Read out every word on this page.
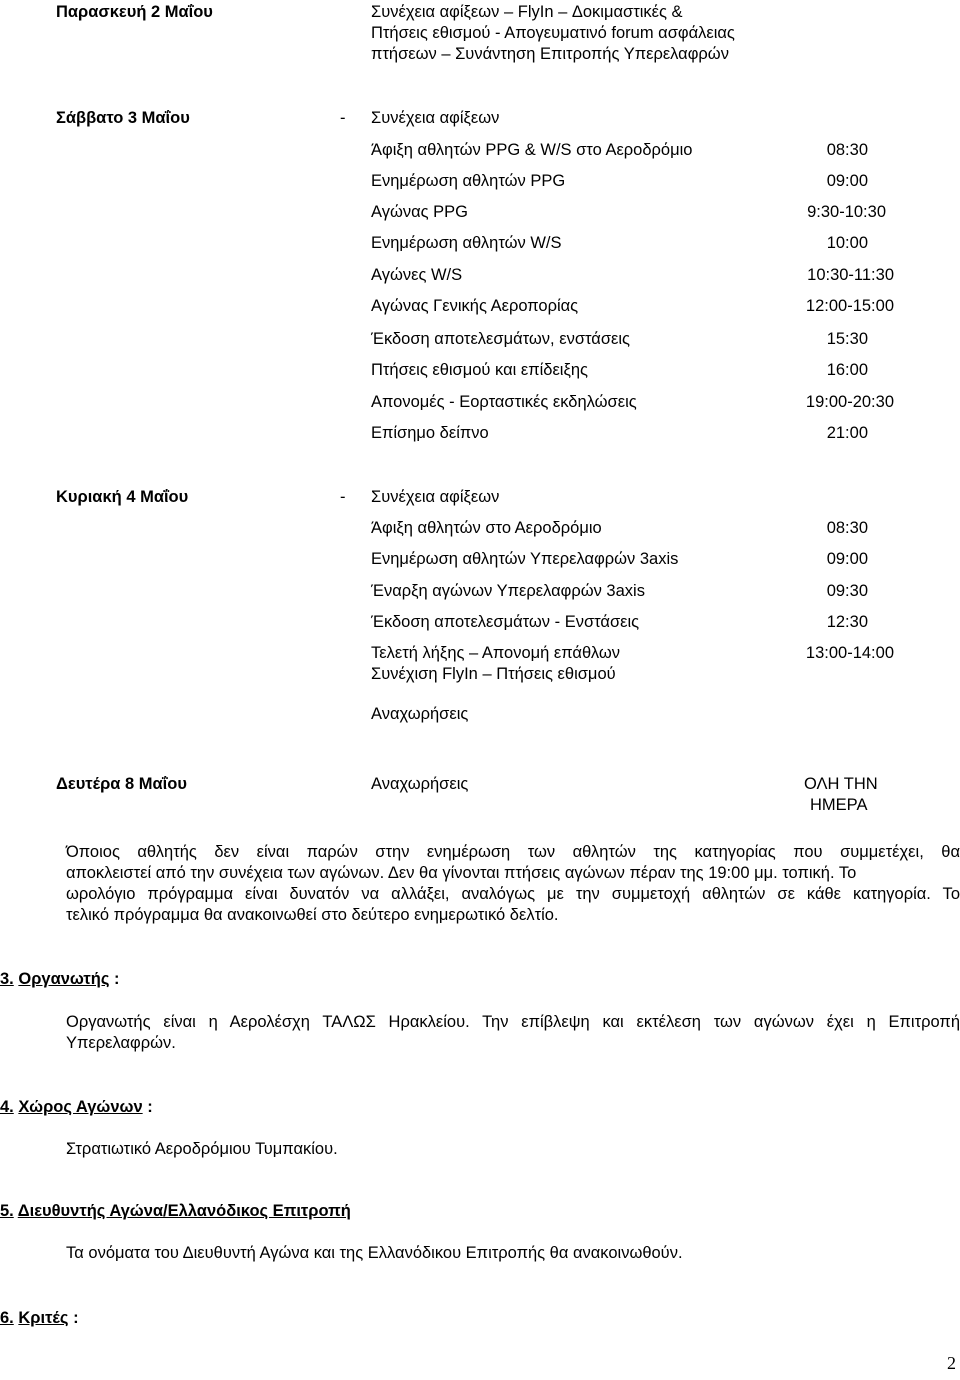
Παρασκευή 2 Μαΐου	Συνέχεια αφίξεων – FlyIn – Δοκιμαστικές &
Πτήσεις εθισμού - Απογευματινό forum ασφάλειας
πτήσεων – Συνάντηση Επιτροπής Υπερελαφρών
Σάββατο 3 Μαΐου	- Συνέχεια αφίξεων
Άφιξη αθλητών PPG & W/S στο Αεροδρόμιο	08:30
Ενημέρωση αθλητών PPG	09:00
Αγώνας PPG	9:30-10:30
Ενημέρωση αθλητών W/S	10:00
Αγώνες W/S	10:30-11:30
Αγώνας Γενικής Αεροπορίας	12:00-15:00
Έκδοση αποτελεσμάτων, ενστάσεις	15:30
Πτήσεις εθισμού και επίδειξης	16:00
Απονομές - Εορταστικές εκδηλώσεις	19:00-20:30
Επίσημο δείπνο	21:00
Κυριακή 4 Μαΐου	- Συνέχεια αφίξεων
Άφιξη αθλητών στο Αεροδρόμιο	08:30
Ενημέρωση αθλητών Υπερελαφρών 3axis	09:00
Έναρξη αγώνων Υπερελαφρών 3axis	09:30
Έκδοση αποτελεσμάτων - Ενστάσεις	12:30
Τελετή λήξης – Απονομή επάθλων	13:00-14:00
Συνέχιση FlyIn – Πτήσεις εθισμού
Αναχωρήσεις
Δευτέρα 8 Μαΐου	Αναχωρήσεις	ΟΛΗ ΤΗΝ
ΗΜΕΡΑ
Όποιος αθλητής δεν είναι παρών στην ενημέρωση των αθλητών της κατηγορίας που συμμετέχει, θα
αποκλειστεί από την συνέχεια των αγώνων. Δεν θα γίνονται πτήσεις αγώνων πέραν της 19:00 μμ. τοπική. Το
ωρολόγιο πρόγραμμα είναι δυνατόν να αλλάξει, αναλόγως με την συμμετοχή αθλητών σε κάθε κατηγορία. Το
τελικό πρόγραμμα θα ανακοινωθεί στο δεύτερο ενημερωτικό δελτίο.
3. Οργανωτής :
Οργανωτής είναι η Αερολέσχη ΤΑΛΩΣ Ηρακλείου. Την επίβλεψη και εκτέλεση των αγώνων έχει η Επιτροπή
Υπερελαφρών.
4. Χώρος Αγώνων :
Στρατιωτικό Αεροδρόμιου Τυμπακίου.
5. Διευθυντής Αγώνα/Ελλανόδικος Επιτροπή
Τα ονόματα του Διευθυντή Αγώνα και της Ελλανόδικου Επιτροπής θα ανακοινωθούν.
6. Κριτές :
2
